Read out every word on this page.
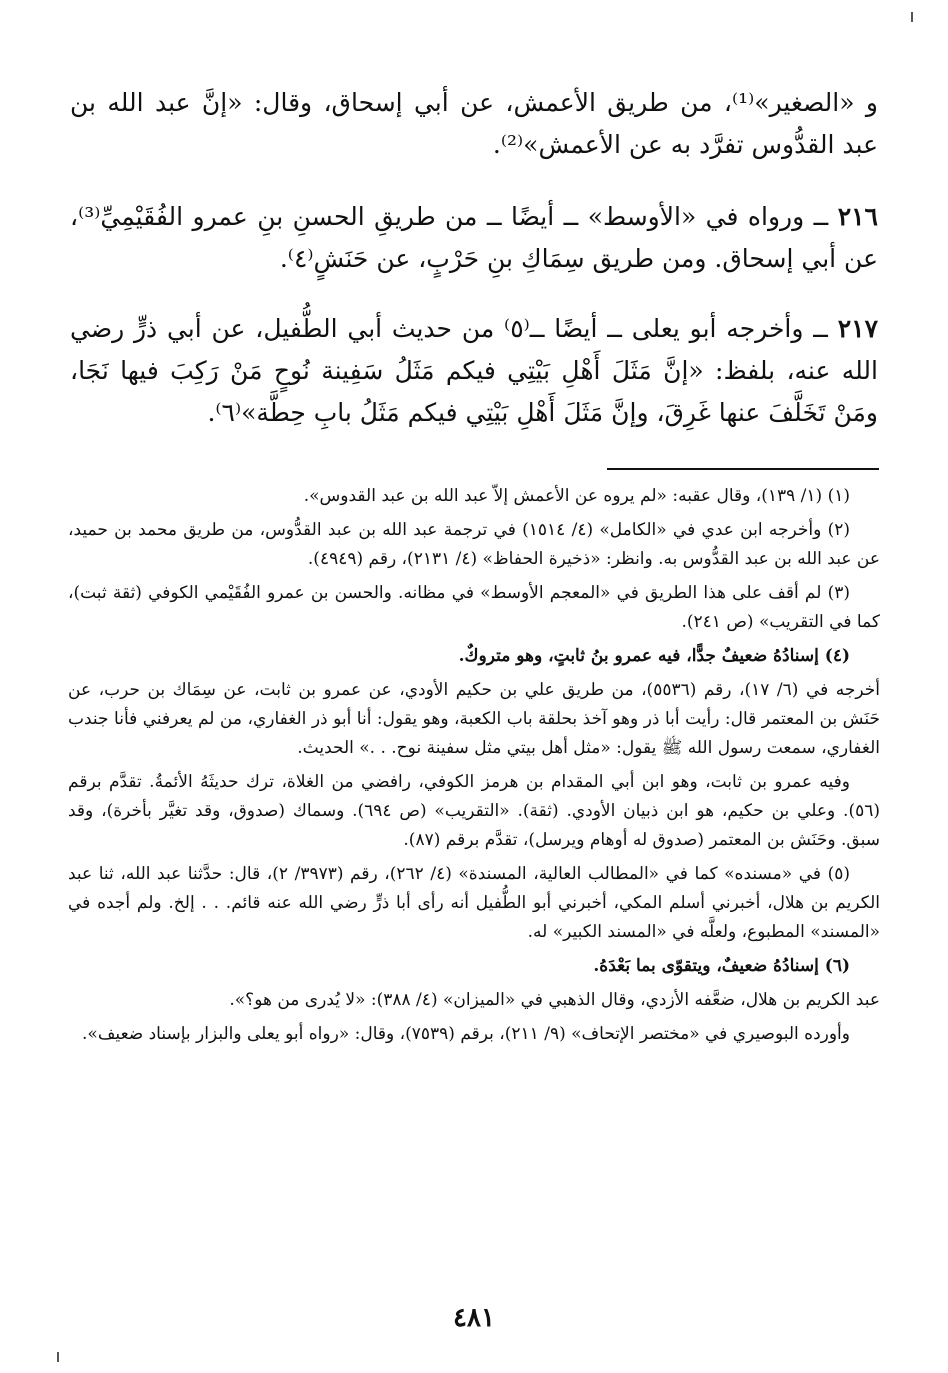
و «الصغير»⁽¹⁾، من طريق الأعمش، عن أبي إسحاق، وقال: «إنَّ عبد الله بن عبد القدُّوس تفرَّد به عن الأعمش»⁽²⁾.

٢١٦ ــ ورواه في «الأوسط» ــ أيضًا ــ من طريقِ الحسنِ بنِ عمرو الفُقَيْمِيِّ⁽³⁾، عن أبي إسحاق. ومن طريق سِمَاكِ بنِ حَرْبٍ، عن حَنَشٍ⁽٤⁾.

٢١٧ ــ وأخرجه أبو يعلى ــ أيضًا ــ⁽٥⁾ من حديث أبي الطُّفيل، عن أبي ذرٍّ رضي الله عنه، بلفظ: «إنَّ مَثَلَ أَهْلِ بَيْتِي فيكم مَثَلُ سَفِينة نُوحٍ مَنْ رَكِبَ فيها نَجَا، ومَنْ تَخَلَّفَ عنها غَرِقَ، وإنَّ مَثَلَ أَهْلِ بَيْتِي فيكم مَثَلُ بابِ حِطَّة»⁽٦⁾.

(١) (١/ ١٣٩)، وقال عقبه: «لم يروه عن الأعمش إلاّ عبد الله بن عبد القدوس».

(٢) وأخرجه ابن عدي في «الكامل» (٤/ ١٥١٤) في ترجمة عبد الله بن عبد القدُّوس، من طريق محمد بن حميد، عن عبد الله بن عبد القدُّوس به. وانظر: «ذخيرة الحفاظ» (٤/ ٢١٣١)، رقم (٤٩٤٩).

(٣) لم أقف على هذا الطريق في «المعجم الأوسط» في مظانه. والحسن بن عمرو الفُقَيْمي الكوفي (ثقة ثبت)، كما في التقريب» (ص ٢٤١).

(٤) إسنادُهُ ضعيفٌ جدًّا، فيه عمرو بنُ ثابتٍ، وهو متروكٌ.

أخرجه في (٦/ ١٧)، رقم (٥٥٣٦)، من طريق علي بن حكيم الأودي، عن عمرو بن ثابت، عن سِمَاك بن حرب، عن حَنَش بن المعتمر قال: رأيت أبا ذر وهو آخذ بحلقة باب الكعبة، وهو يقول: أنا أبو ذر الغفاري، من لم يعرفني فأنا جندب الغفاري، سمعت رسول الله ﷺ يقول: «مثل أهل بيتي مثل سفينة نوح. . .» الحديث.

وفيه عمرو بن ثابت، وهو ابن أبي المقدام بن هرمز الكوفي، رافضي من الغلاة، ترك حديثَهُ الأئمةُ. تقدَّم برقم (٥٦). وعلي بن حكيم، هو ابن ذبيان الأودي. (ثقة). «التقريب» (ص ٦٩٤). وسماك (صدوق، وقد تغيَّر بأخرة)، وقد سبق. وحَنَش بن المعتمر (صدوق له أوهام ويرسل)، تقدَّم برقم (٨٧).

(٥) في «مسنده» كما في «المطالب العالية، المسندة» (٤/ ٢٦٢)، رقم (٣٩٧٣/ ٢)، قال: حدَّثنا عبد الله، ثنا عبد الكريم بن هلال، أخبرني أسلم المكي، أخبرني أبو الطُّفيل أنه رأى أبا ذرٍّ رضي الله عنه قائم. . . إلخ. ولم أجده في «المسند» المطبوع، ولعلَّه في «المسند الكبير» له.

(٦) إسنادُهُ ضعيفٌ، ويتقوّى بما بَعْدَهُ.

عبد الكريم بن هلال، ضعَّفه الأزدي، وقال الذهبي في «الميزان» (٤/ ٣٨٨): «لا يُدرى من هو؟».

وأورده البوصيري في «مختصر الإتحاف» (٩/ ٢١١)، برقم (٧٥٣٩)، وقال: «رواه أبو يعلى والبزار بإسناد ضعيف».

٤٨١
